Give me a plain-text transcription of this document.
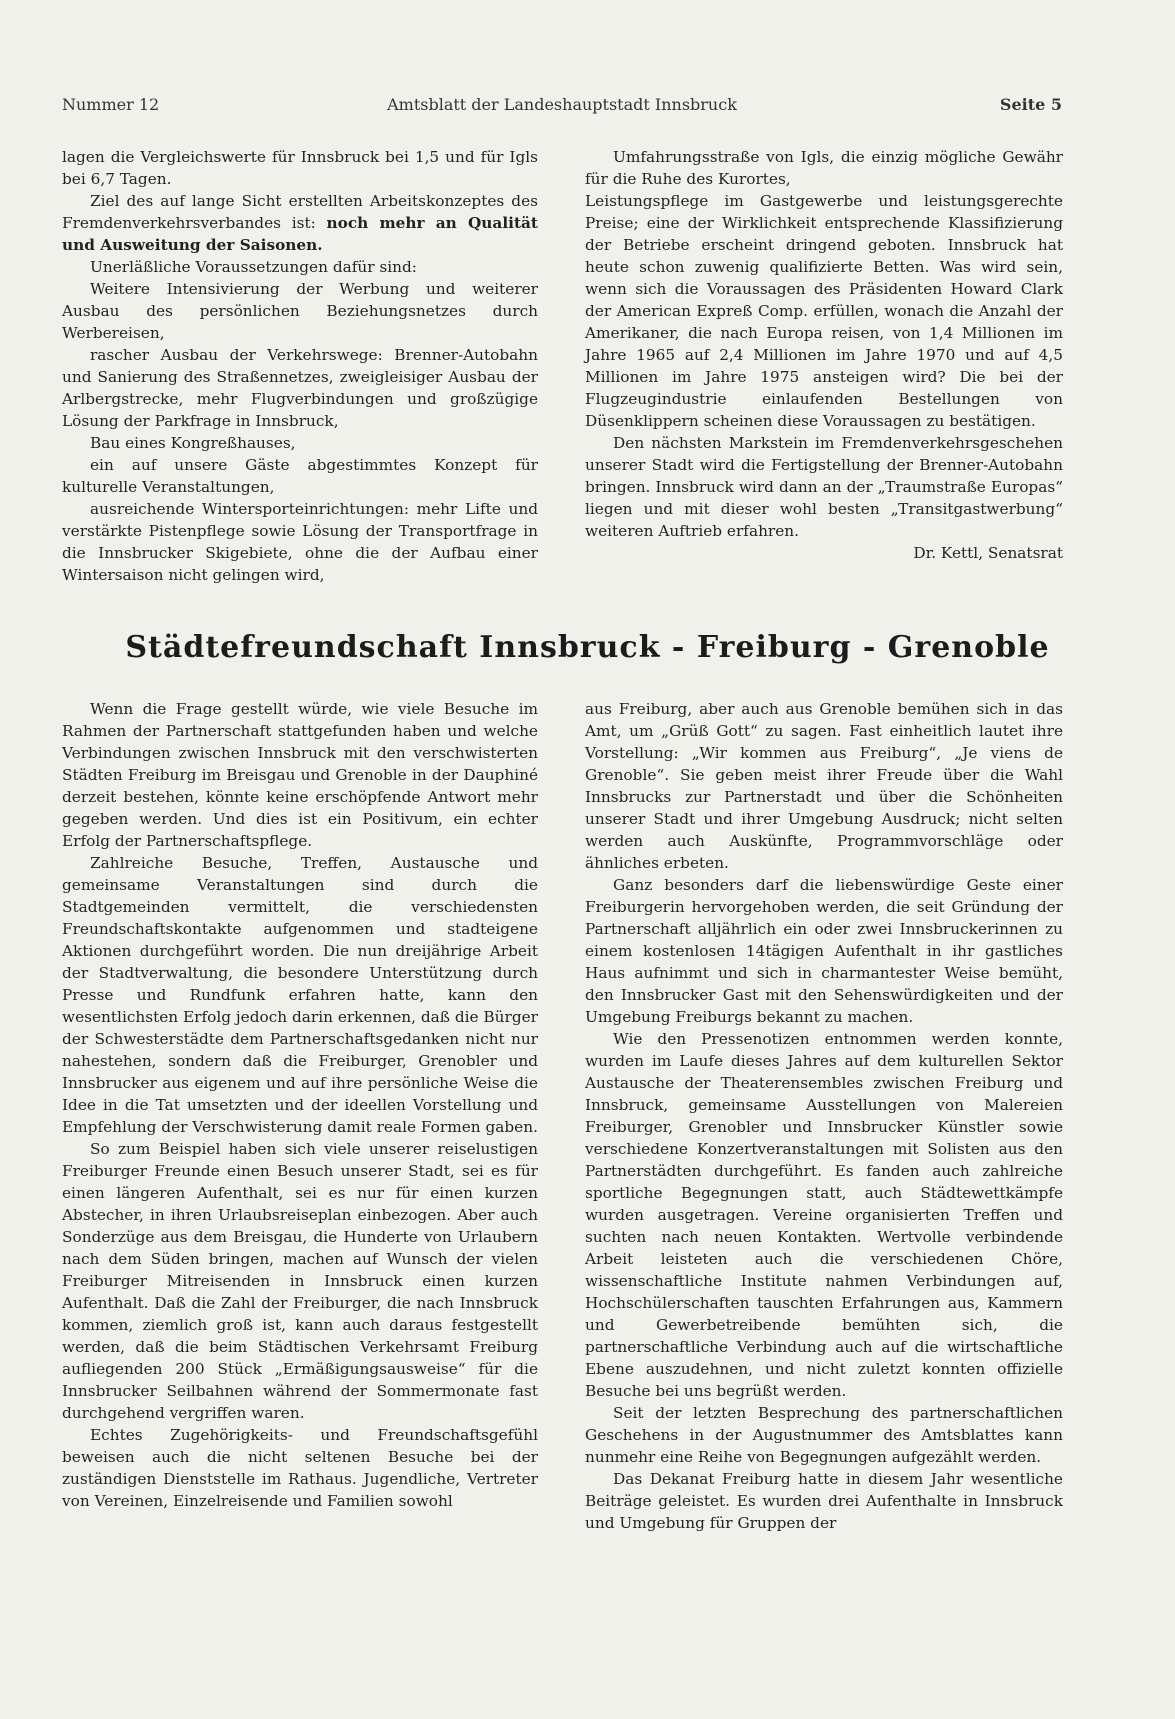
Nummer 12	Amtsblatt der Landeshauptstadt Innsbruck	Seite 5

lagen die Vergleichswerte für Innsbruck bei 1,5 und für Igls bei 6,7 Tagen.

Ziel des auf lange Sicht erstellten Arbeitskonzeptes des Fremdenverkehrsverbandes ist: noch mehr an Qualität und Ausweitung der Saisonen.

Unerläßliche Voraussetzungen dafür sind:

Weitere Intensivierung der Werbung und weiterer Ausbau des persönlichen Beziehungsnetzes durch Werbereisen,

rascher Ausbau der Verkehrswege: Brenner-Autobahn und Sanierung des Straßennetzes, zweigleisiger Ausbau der Arlbergstrecke, mehr Flugverbindungen und großzügige Lösung der Parkfrage in Innsbruck,

Bau eines Kongreßhauses,

ein auf unsere Gäste abgestimmtes Konzept für kulturelle Veranstaltungen,

ausreichende Wintersporteinrichtungen: mehr Lifte und verstärkte Pistenpflege sowie Lösung der Transportfrage in die Innsbrucker Skigebiete, ohne die der Aufbau einer Wintersaison nicht gelingen wird,

Umfahrungsstraße von Igls, die einzig mögliche Gewähr für die Ruhe des Kurortes,

Leistungspflege im Gastgewerbe und leistungsgerechte Preise; eine der Wirklichkeit entsprechende Klassifizierung der Betriebe erscheint dringend geboten. Innsbruck hat heute schon zuwenig qualifizierte Betten. Was wird sein, wenn sich die Voraussagen des Präsidenten Howard Clark der American Expreß Comp. erfüllen, wonach die Anzahl der Amerikaner, die nach Europa reisen, von 1,4 Millionen im Jahre 1965 auf 2,4 Millionen im Jahre 1970 und auf 4,5 Millionen im Jahre 1975 ansteigen wird? Die bei der Flugzeugindustrie einlaufenden Bestellungen von Düsenklippern scheinen diese Voraussagen zu bestätigen.

Den nächsten Markstein im Fremdenverkehrsgeschehen unserer Stadt wird die Fertigstellung der Brenner-Autobahn bringen. Innsbruck wird dann an der „Traumstraße Europas“ liegen und mit dieser wohl besten „Transitgastwerbung“ weiteren Auftrieb erfahren.

Dr. Kettl, Senatsrat

Städtefreundschaft Innsbruck - Freiburg - Grenoble

Wenn die Frage gestellt würde, wie viele Besuche im Rahmen der Partnerschaft stattgefunden haben und welche Verbindungen zwischen Innsbruck mit den verschwisterten Städten Freiburg im Breisgau und Grenoble in der Dauphiné derzeit bestehen, könnte keine erschöpfende Antwort mehr gegeben werden. Und dies ist ein Positivum, ein echter Erfolg der Partnerschaftspflege.

Zahlreiche Besuche, Treffen, Austausche und gemeinsame Veranstaltungen sind durch die Stadtgemeinden vermittelt, die verschiedensten Freundschaftskontakte aufgenommen und stadteigene Aktionen durchgeführt worden. Die nun dreijährige Arbeit der Stadtverwaltung, die besondere Unterstützung durch Presse und Rundfunk erfahren hatte, kann den wesentlichsten Erfolg jedoch darin erkennen, daß die Bürger der Schwesterstädte dem Partnerschaftsgedanken nicht nur nahestehen, sondern daß die Freiburger, Grenobler und Innsbrucker aus eigenem und auf ihre persönliche Weise die Idee in die Tat umsetzten und der ideellen Vorstellung und Empfehlung der Verschwisterung damit reale Formen gaben.

So zum Beispiel haben sich viele unserer reiselustigen Freiburger Freunde einen Besuch unserer Stadt, sei es für einen längeren Aufenthalt, sei es nur für einen kurzen Abstecher, in ihren Urlaubsreiseplan einbezogen. Aber auch Sonderzüge aus dem Breisgau, die Hunderte von Urlaubern nach dem Süden bringen, machen auf Wunsch der vielen Freiburger Mitreisenden in Innsbruck einen kurzen Aufenthalt. Daß die Zahl der Freiburger, die nach Innsbruck kommen, ziemlich groß ist, kann auch daraus festgestellt werden, daß die beim Städtischen Verkehrsamt Freiburg aufliegenden 200 Stück „Ermäßigungsausweise“ für die Innsbrucker Seilbahnen während der Sommermonate fast durchgehend vergriffen waren.

Echtes Zugehörigkeits- und Freundschaftsgefühl beweisen auch die nicht seltenen Besuche bei der zuständigen Dienststelle im Rathaus. Jugendliche, Vertreter von Vereinen, Einzelreisende und Familien sowohl

aus Freiburg, aber auch aus Grenoble bemühen sich in das Amt, um „Grüß Gott“ zu sagen. Fast einheitlich lautet ihre Vorstellung: „Wir kommen aus Freiburg“, „Je viens de Grenoble“. Sie geben meist ihrer Freude über die Wahl Innsbrucks zur Partnerstadt und über die Schönheiten unserer Stadt und ihrer Umgebung Ausdruck; nicht selten werden auch Auskünfte, Programmvorschläge oder ähnliches erbeten.

Ganz besonders darf die liebenswürdige Geste einer Freiburgerin hervorgehoben werden, die seit Gründung der Partnerschaft alljährlich ein oder zwei Innsbruckerinnen zu einem kostenlosen 14tägigen Aufenthalt in ihr gastliches Haus aufnimmt und sich in charmantester Weise bemüht, den Innsbrucker Gast mit den Sehenswürdigkeiten und der Umgebung Freiburgs bekannt zu machen.

Wie den Pressenotizen entnommen werden konnte, wurden im Laufe dieses Jahres auf dem kulturellen Sektor Austausche der Theaterensembles zwischen Freiburg und Innsbruck, gemeinsame Ausstellungen von Malereien Freiburger, Grenobler und Innsbrucker Künstler sowie verschiedene Konzertveranstaltungen mit Solisten aus den Partnerstädten durchgeführt. Es fanden auch zahlreiche sportliche Begegnungen statt, auch Städtewettkämpfe wurden ausgetragen. Vereine organisierten Treffen und suchten nach neuen Kontakten. Wertvolle verbindende Arbeit leisteten auch die verschiedenen Chöre, wissenschaftliche Institute nahmen Verbindungen auf, Hochschülerschaften tauschten Erfahrungen aus, Kammern und Gewerbetreibende bemühten sich, die partnerschaftliche Verbindung auch auf die wirtschaftliche Ebene auszudehnen, und nicht zuletzt konnten offizielle Besuche bei uns begrüßt werden.

Seit der letzten Besprechung des partnerschaftlichen Geschehens in der Augustnummer des Amtsblattes kann nunmehr eine Reihe von Begegnungen aufgezählt werden.

Das Dekanat Freiburg hatte in diesem Jahr wesentliche Beiträge geleistet. Es wurden drei Aufenthalte in Innsbruck und Umgebung für Gruppen der
